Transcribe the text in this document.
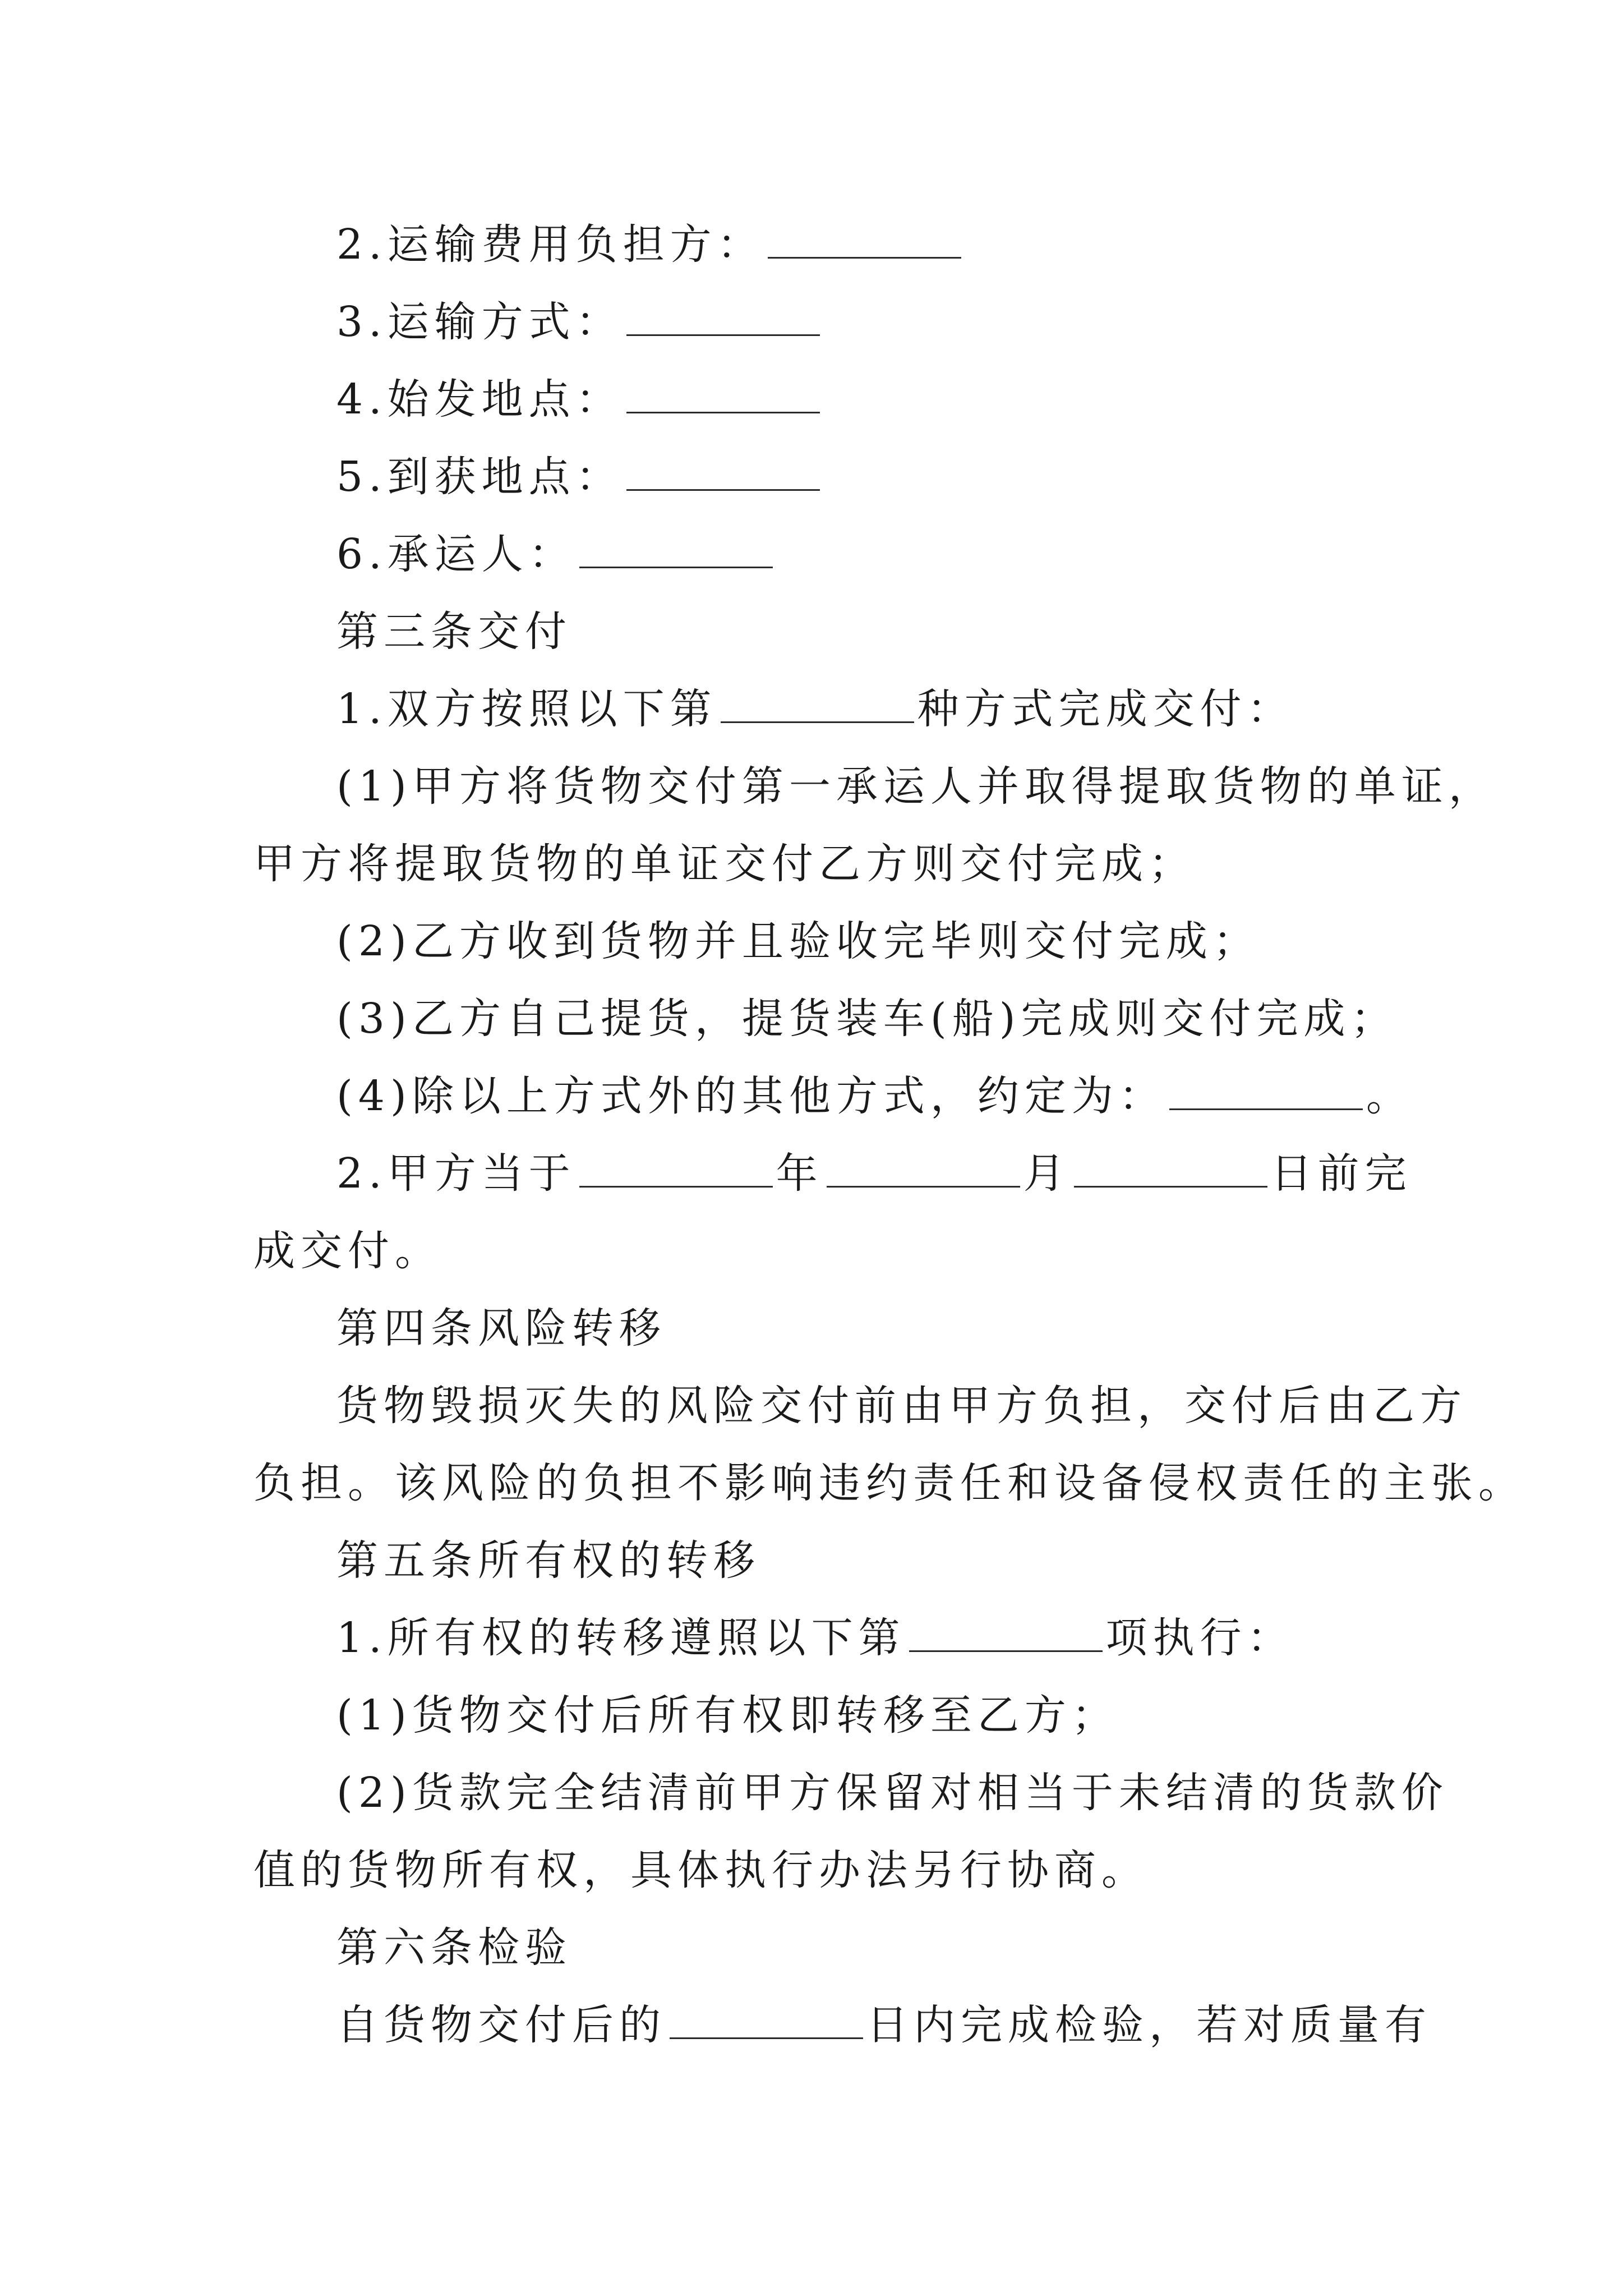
2.运输费用负担方：
3.运输方式：
4.始发地点：
5.到获地点：
6.承运人：
第三条交付
1.双方按照以下第	种方式完成交付：
(1)甲方将货物交付第一承运人并取得提取货物的单证，
甲方将提取货物的单证交付乙方则交付完成；
(2)乙方收到货物并且验收完毕则交付完成；
(3)乙方自己提货，提货装车(船)完成则交付完成；
(4)除以上方式外的其他方式，约定为：	。
2.甲方当于	年	月	日前完
成交付。
第四条风险转移
货物毁损灭失的风险交付前由甲方负担，交付后由乙方
负担。该风险的负担不影响违约责任和设备侵权责任的主张。
第五条所有权的转移
1.所有权的转移遵照以下第	项执行：
(1)货物交付后所有权即转移至乙方；
(2)货款完全结清前甲方保留对相当于未结清的货款价
值的货物所有权，具体执行办法另行协商。
第六条检验
自货物交付后的	日内完成检验，若对质量有
